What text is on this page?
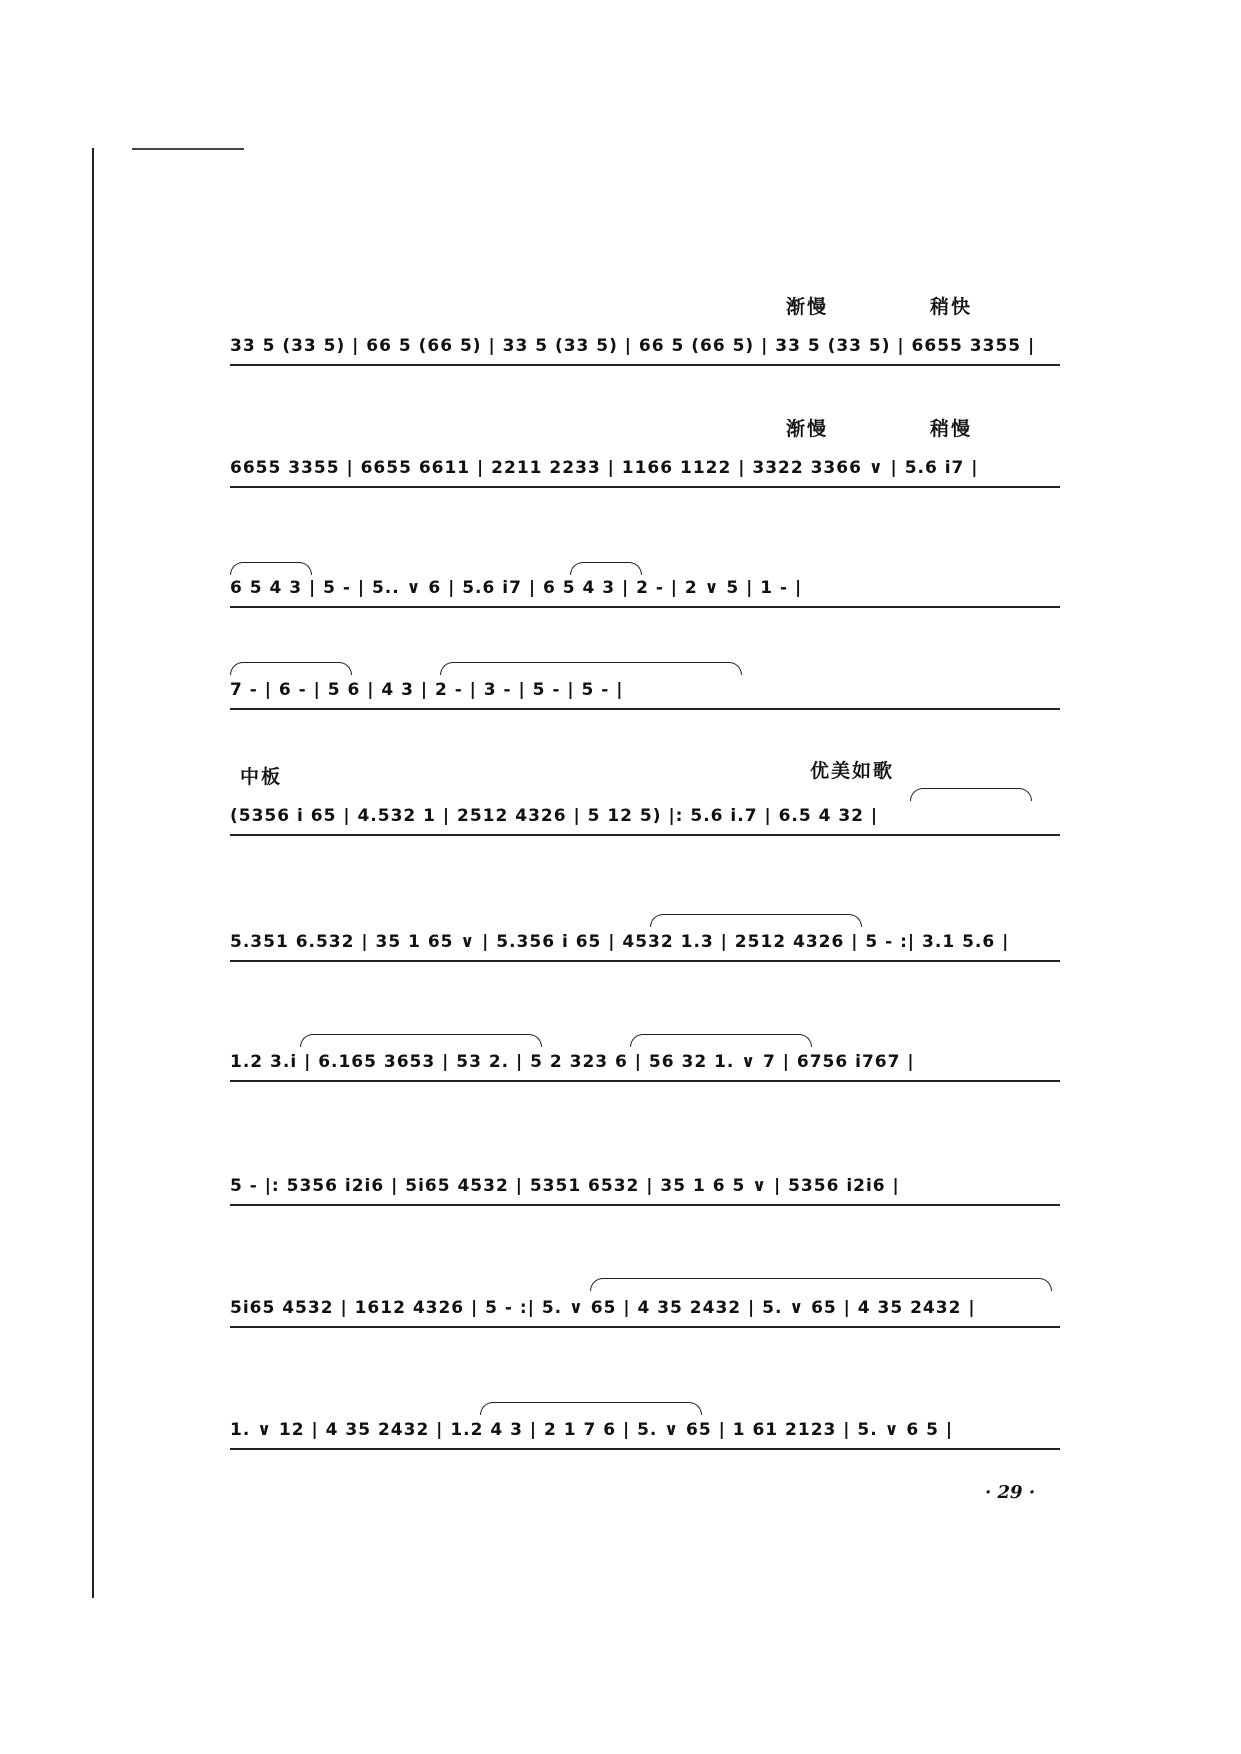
渐慢	稍快
渐慢	稍慢
中板	优美如歌
33 5 (33 5) | 66 5 (66 5) | 33 5 (33 5) | 66 5 (66 5) | 33 5 (33 5) | 6655 3355 |
6655 3355 | 6655 6611 | 2211 2233 | 1166 1122 | 3322 3366 ∨ | 5.6 i7 |
6 5 4 3 | 5 - | 5.. ∨ 6 | 5.6 i7 | 6 5 4 3 | 2 - | 2 ∨ 5 | 1 - |
7 - | 6 - | 5 6 | 4 3 | 2 - | 3 - | 5 - | 5 - |
(5356 i 65 | 4.532 1 | 2512 4326 | 5 12 5) |: 5.6 i.7 | 6.5 4 32 |
5.351 6.532 | 35 1 65 ∨ | 5.356 i 65 | 4532 1.3 | 2512 4326 | 5 - :| 3.1 5.6 |
1.2 3.i | 6.165 3653 | 53 2. | 5 2 323 6 | 56 32 1. ∨ 7 | 6756 i767 |
5 - |: 5356 i2i6 | 5i65 4532 | 5351 6532 | 35 1 6 5 ∨ | 5356 i2i6 |
5i65 4532 | 1612 4326 | 5 - :| 5. ∨ 65 | 4 35 2432 | 5. ∨ 65 | 4 35 2432 |
1. ∨ 12 | 4 35 2432 | 1.2 4 3 | 2 1 7 6 | 5. ∨ 65 | 1 61 2123 | 5. ∨ 6 5 |
· 29 ·
